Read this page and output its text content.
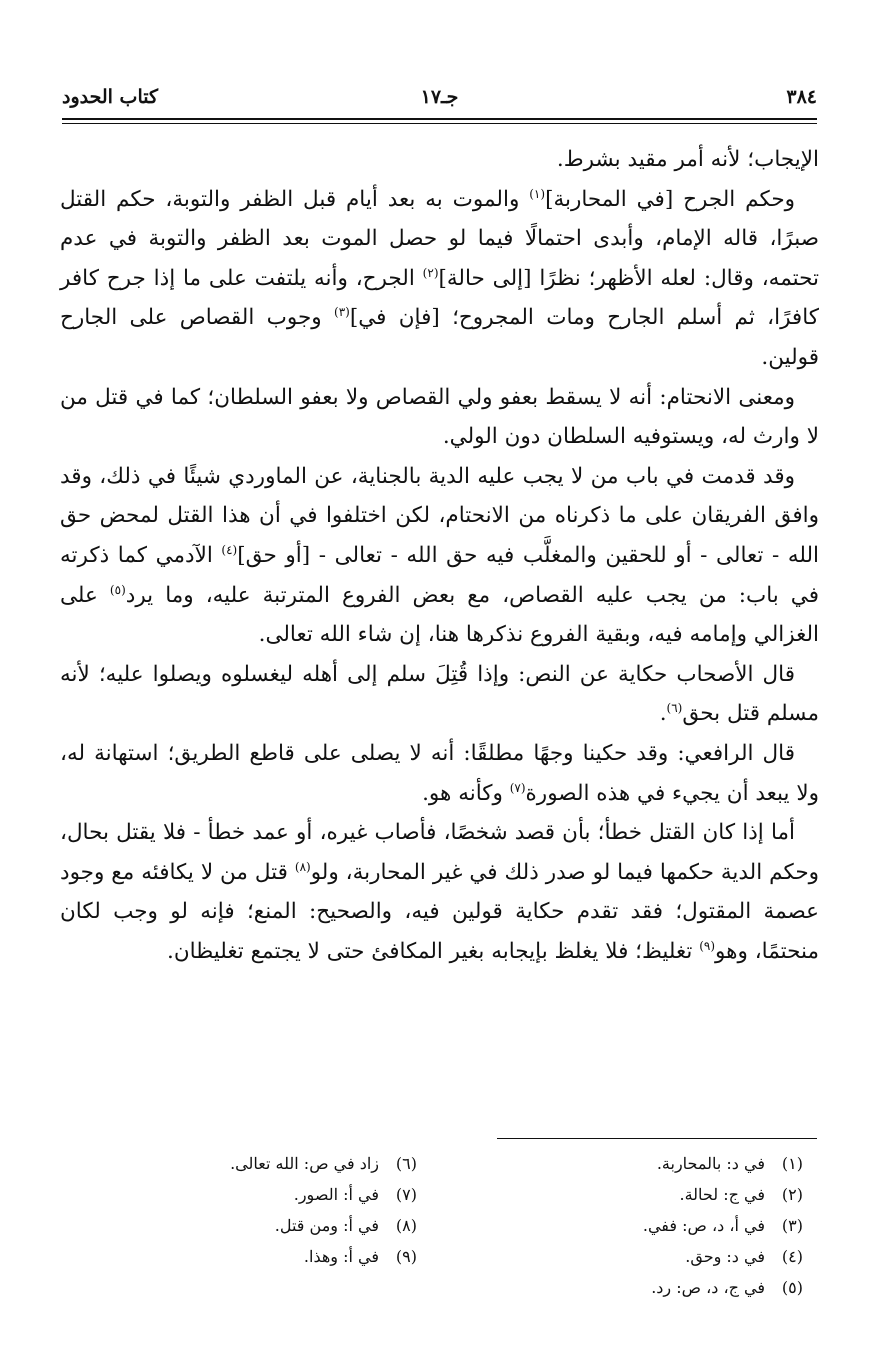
٣٨٤
جـ١٧
كتاب الحدود

الإيجاب؛ لأنه أمر مقيد بشرط.

وحكم الجرح [في المحاربة]$^{(١)}$ والموت به بعد أيام قبل الظفر والتوبة، حكم القتل صبرًا، قاله الإمام، وأبدى احتمالًا فيما لو حصل الموت بعد الظفر والتوبة في عدم تحتمه، وقال: لعله الأظهر؛ نظرًا [إلى حالة]$^{(٢)}$ الجرح، وأنه يلتفت على ما إذا جرح كافر كافرًا، ثم أسلم الجارح ومات المجروح؛ [فإن في]$^{(٣)}$ وجوب القصاص على الجارح قولين.

ومعنى الانحتام: أنه لا يسقط بعفو ولي القصاص ولا بعفو السلطان؛ كما في قتل من لا وارث له، ويستوفيه السلطان دون الولي.

وقد قدمت في باب من لا يجب عليه الدية بالجناية، عن الماوردي شيئًا في ذلك، وقد وافق الفريقان على ما ذكرناه من الانحتام، لكن اختلفوا في أن هذا القتل لمحض حق الله - تعالى - أو للحقين والمغلَّب فيه حق الله - تعالى - [أو حق]$^{(٤)}$ الآدمي كما ذكرته في باب: من يجب عليه القصاص، مع بعض الفروع المترتبة عليه، وما يرد$^{(٥)}$ على الغزالي وإمامه فيه، وبقية الفروع نذكرها هنا، إن شاء الله تعالى.

قال الأصحاب حكاية عن النص: وإذا قُتِلَ سلم إلى أهله ليغسلوه ويصلوا عليه؛ لأنه مسلم قتل بحق$^{(٦)}$.

قال الرافعي: وقد حكينا وجهًا مطلقًا: أنه لا يصلى على قاطع الطريق؛ استهانة له، ولا يبعد أن يجيء في هذه الصورة$^{(٧)}$ وكأنه هو.

أما إذا كان القتل خطأ؛ بأن قصد شخصًا، فأصاب غيره، أو عمد خطأ - فلا يقتل بحال، وحكم الدية حكمها فيما لو صدر ذلك في غير المحاربة، ولو$^{(٨)}$ قتل من لا يكافئه مع وجود عصمة المقتول؛ فقد تقدم حكاية قولين فيه، والصحيح: المنع؛ فإنه لو وجب لكان منحتمًا، وهو$^{(٩)}$ تغليظ؛ فلا يغلظ بإيجابه بغير المكافئ حتى لا يجتمع تغليظان.

(١)في د: بالمحاربة.
(٢)في ج: لحالة.
(٣)في أ، د، ص: ففي.
(٤)في د: وحق.
(٥)في ج، د، ص: رد.
(٦)زاد في ص: الله تعالى.
(٧)في أ: الصور.
(٨)في أ: ومن قتل.
(٩)في أ: وهذا.
